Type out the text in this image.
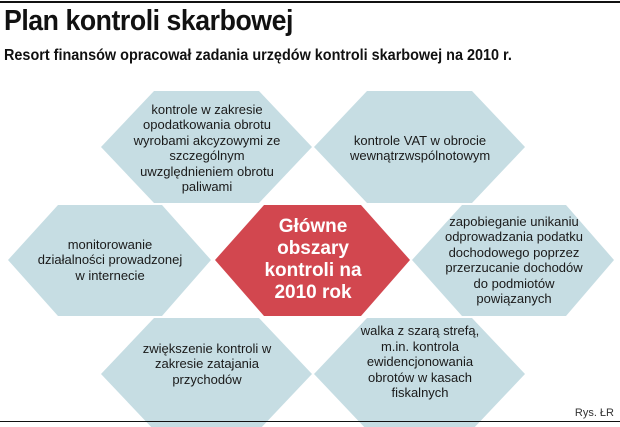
Plan kontroli skarbowej

Resort finansów opracował zadania urzędów kontroli skarbowej na 2010 r.

kontrole w zakresie opodatkowania obrotu wyrobami akcyzowymi ze szczególnym uwzględnieniem obrotu paliwami
kontrole VAT w obrocie wewnątrzwspólnotowym
monitorowanie działalności prowadzonej w internecie
zapobieganie unikaniu odprowadzania podatku dochodowego poprzez przerzucanie dochodów do podmiotów powiązanych
Główne obszary kontroli na 2010 rok
zwiększenie kontroli w zakresie zatajania przychodów
walka z szarą strefą, m.in. kontrola ewidencjonowania obrotów w kasach fiskalnych
Rys. ŁR
